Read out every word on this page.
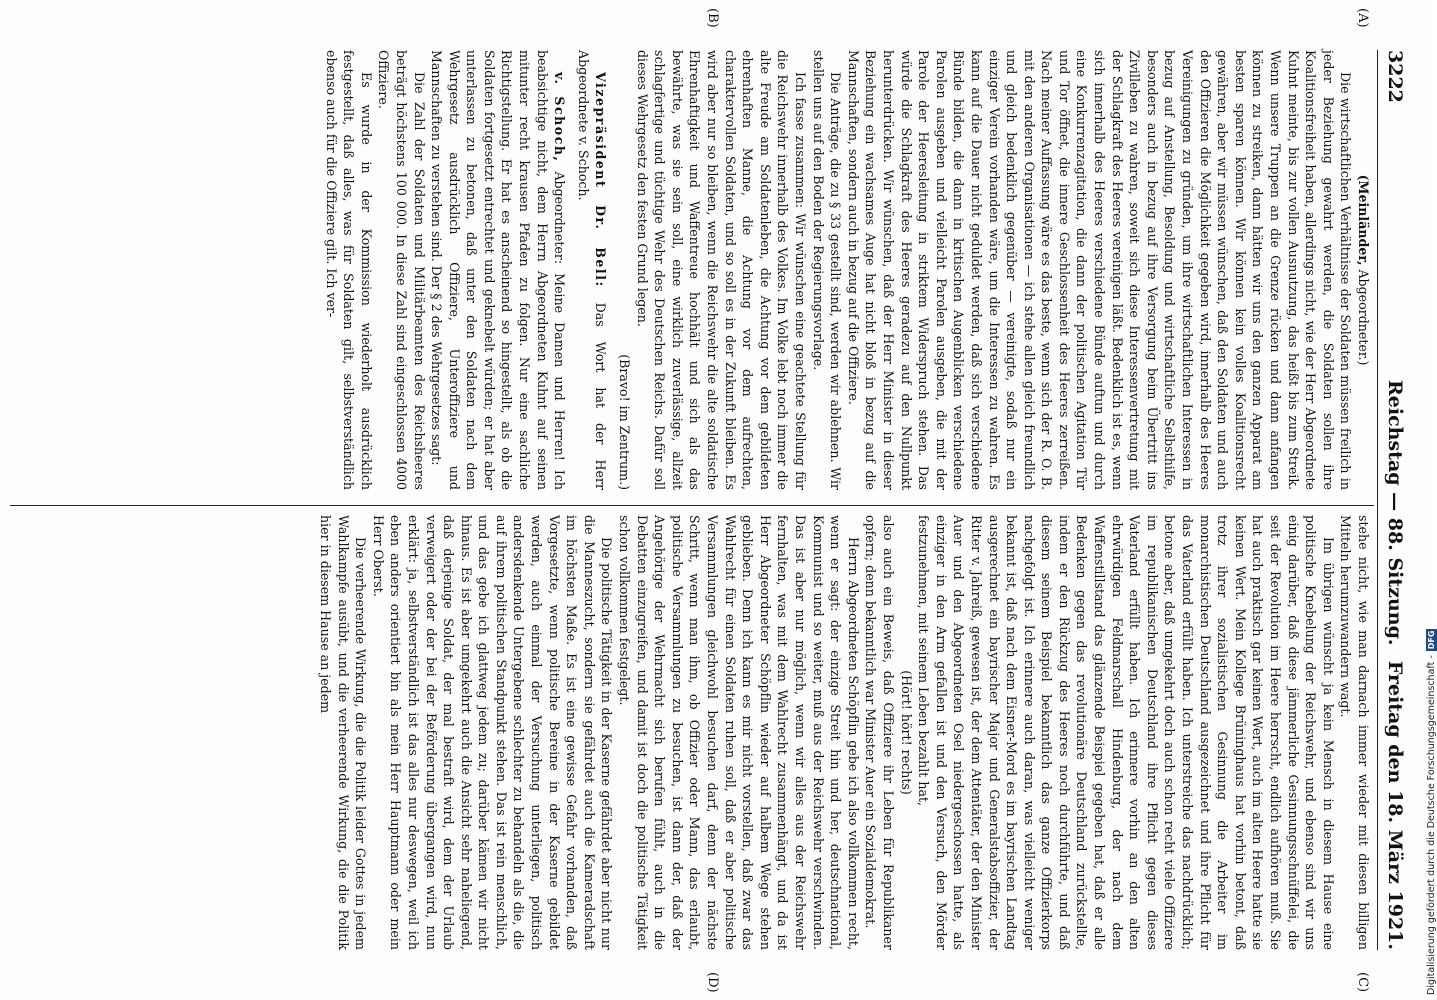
3222
Reichstag — 88. Sitzung.
Freitag den 18. März 1921.
(A)
(B)
(C)
(D)

(Meinländer, Abgeordneter.)

Die wirtschaftlichen Verhältnisse der Soldaten müssen freilich in jeder Beziehung gewahrt werden, die Soldaten sollen ihre Koalitionsfreiheit haben, allerdings nicht, wie der Herr Abgeordnete Kuhnt meinte, bis zur vollen Ausnutzung, das heißt bis zum Streik. Wenn unsere Truppen an die Grenze rücken und dann anfangen können zu streiken, dann hätten wir uns den ganzen Apparat am besten sparen können. Wir können kein volles Koalitionsrecht gewähren, aber wir müssen wünschen, daß den Soldaten und auch den Offizieren die Möglichkeit gegeben wird, innerhalb des Heeres Vereinigungen zu gründen, um ihre wirtschaftlichen Interessen in bezug auf Anstellung, Besoldung und wirtschaftliche Selbsthilfe, besonders auch in bezug auf ihre Versorgung beim Übertritt ins Zivilleben zu wahren, soweit sich diese Interessenvertretung mit der Schlagkraft des Heeres vereinigen läßt. Bedenklich ist es, wenn sich innerhalb des Heeres verschiedene Bünde auftun und durch eine Konkurrenzagitation, die dann der politischen Agitation Tür und Tor öffnet, die innere Geschlossenheit des Heeres zerreißen. Nach meiner Auffassung wäre es das beste, wenn sich der R. O. B. mit den anderen Organisationen — ich stehe allen gleich freundlich und gleich bedenklich gegenüber — vereinigte, sodaß nur ein einziger Verein vorhanden wäre, um die Interessen zu wahren. Es kann auf die Dauer nicht geduldet werden, daß sich verschiedene Bünde bilden, die dann in kritischen Augenblicken verschiedene Parolen ausgeben und vielleicht Parolen ausgeben, die mit der Parole der Heeresleitung in striktem Widerspruch stehen. Das würde die Schlagkraft des Heeres geradezu auf den Nullpunkt herunterdrücken. Wir wünschen, daß der Herr Minister in dieser Beziehung ein wachsames Auge hat nicht bloß in bezug auf die Mannschaften, sondern auch in bezug auf die Offiziere.

Die Anträge, die zu § 33 gestellt sind, werden wir ablehnen. Wir stellen uns auf den Boden der Regierungsvorlage.

Ich fasse zusammen: Wir wünschen eine geachtete Stellung für die Reichswehr innerhalb des Volkes. Im Volke lebt noch immer die alte Freude am Soldatenleben, die Achtung vor dem gebildeten ehrenhaften Manne, die Achtung vor dem aufrechten, charaktervollen Soldaten, und so soll es in der Zukunft bleiben. Es wird aber nur so bleiben, wenn die Reichswehr die alte soldatische Ehrenhaftigkeit und Waffentreue hochhält und sich als das bewährte, was sie sein soll, eine wirklich zuverlässige, allzeit schlagfertige und tüchtige Wehr des Deutschen Reichs. Dafür soll dieses Wehrgesetz den festen Grund legen.

(Bravo! im Zentrum.)

Vizepräsident Dr. Bell: Das Wort hat der Herr Abgeordnete v. Schoch.

v. Schoch, Abgeordneter: Meine Damen und Herren! Ich beabsichtige nicht, dem Herrn Abgeordneten Kuhnt auf seinen mitunter recht krausen Pfaden zu folgen. Nur eine sachliche Richtigstellung. Er hat es anscheinend so hingestellt, als ob die Soldaten fortgesetzt entrechtet und geknebelt würden; er hat aber unterlassen zu betonen, daß unter den Soldaten nach dem Wehrgesetz ausdrücklich Offiziere, Unteroffiziere und Mannschaften zu verstehen sind. Der § 2 des Wehrgesetzes sagt:

Die Zahl der Soldaten und Militärbeamten des Reichsheeres beträgt höchstens 100 000. In diese Zahl sind eingeschlossen 4000 Offiziere.

Es wurde in der Kommission wiederholt ausdrücklich festgestellt, daß alles, was für Soldaten gilt, selbstverständlich ebenso auch für die Offiziere gilt. Ich ver-

stehe nicht, wie man darnach immer wieder mit diesen billigen Mitteln herumzuwandern wagt.

Im übrigen wünscht ja kein Mensch in diesem Hause eine politische Knebelung der Reichswehr, und ebenso sind wir uns einig darüber, daß diese jämmerliche Gesinnungsschnüffelei, die seit der Revolution im Heere herrscht, endlich aufhören muß. Sie hat auch praktisch gar keinen Wert, auch im alten Heere hatte sie keinen Wert. Mein Kollege Brüninghaus hat vorhin betont, daß trotz ihrer sozialistischen Gesinnung die Arbeiter im monarchistischen Deutschland ausgezeichnet und ihre Pflicht für das Vaterland erfüllt haben. Ich unterstreiche das nachdrücklich; betone aber, daß umgekehrt doch auch schon recht viele Offiziere im republikanischen Deutschland ihre Pflicht gegen dieses Vaterland erfüllt haben. Ich erinnere vorhin an den alten ehrwürdigen Feldmarschall Hindenburg, der nach dem Waffenstillstand das glänzende Beispiel gegeben hat, daß er alle Bedenken gegen das revolutionäre Deutschland zurückstellte, indem er den Rückzug des Heeres noch durchführte, und daß diesem seinem Beispiel bekanntlich das ganze Offizierkorps nachgefolgt ist. Ich erinnere auch daran, was vielleicht weniger bekannt ist, daß nach dem Eisner-Mord es im bayrischen Landtag ausgerechnet ein bayrischer Major und Generalstabsoffizier, der Ritter v. Jahreiß, gewesen ist, der dem Attentäter, der den Minister Auer und den Abgeordneten Osel niedergeschossen hatte, als einziger in den Arm gefallen ist und den Versuch, den Mörder festzunehmen, mit seinem Leben bezahlt hat,

(Hört! hört! rechts)

also auch ein Beweis, daß Offiziere ihr Leben für Republikaner opfern; denn bekanntlich war Minister Auer ein Sozialdemokrat.

Herrn Abgeordneten Schöpflin gebe ich also vollkommen recht, wenn er sagt: der einzige Streit hin und her, deutschnational, Kommunist und so weiter, muß aus der Reichswehr verschwinden. Das ist aber nur möglich, wenn wir alles aus der Reichswehr fernhalten, was mit dem Wahlrecht zusammenhängt, und da ist Herr Abgeordneter Schöpflin wieder auf halbem Wege stehen geblieben. Denn ich kann es mir nicht vorstellen, daß zwar das Wahlrecht für einen Soldaten ruhen soll, daß er aber politische Versammlungen gleichwohl besuchen darf, denn der nächste Schritt, wenn man ihm, ob Offizier oder Mann, das erlaubt, politische Versammlungen zu besuchen, ist dann der, daß der Angehörige der Wehrmacht sich berufen fühlt, auch in die Debatten einzugreifen, und damit ist doch die politische Tätigkeit schon vollkommen festgelegt.

Die politische Tätigkeit in der Kaserne gefährdet aber nicht nur die Manneszucht, sondern sie gefährdet auch die Kameradschaft im höchsten Maße. Es ist eine gewisse Gefahr vorhanden, daß Vorgesetzte, wenn politische Bereine in der Kaserne gebildet werden, auch einmal der Versuchung unterliegen, politisch andersdenkende Untergebene schlechter zu behandeln als die, die auf ihrem politischen Standpunkt stehen. Das ist rein menschlich, und das gebe ich glattweg jedem zu; darüber kämen wir nicht hinaus. Es ist aber umgekehrt auch die Ansicht sehr naheliegend, daß derjenige Soldat, der mal bestraft wird, dem der Urlaub verweigert oder der bei der Beförderung übergangen wird, nun erklärt: ja, selbstverständlich ist das alles nur deswegen, weil ich eben anders orientiert bin als mein Herr Hauptmann oder mein Herr Oberst.

Die verheerende Wirkung, die die Politik leider Gottes in jedem Wahlkampfe ausübt, und die verheerende Wirkung, die die Politik hier in diesem Hause an jedem

Digitalisierung gefördert durch die Deutsche Forschungsgemeinschaft -DFG
